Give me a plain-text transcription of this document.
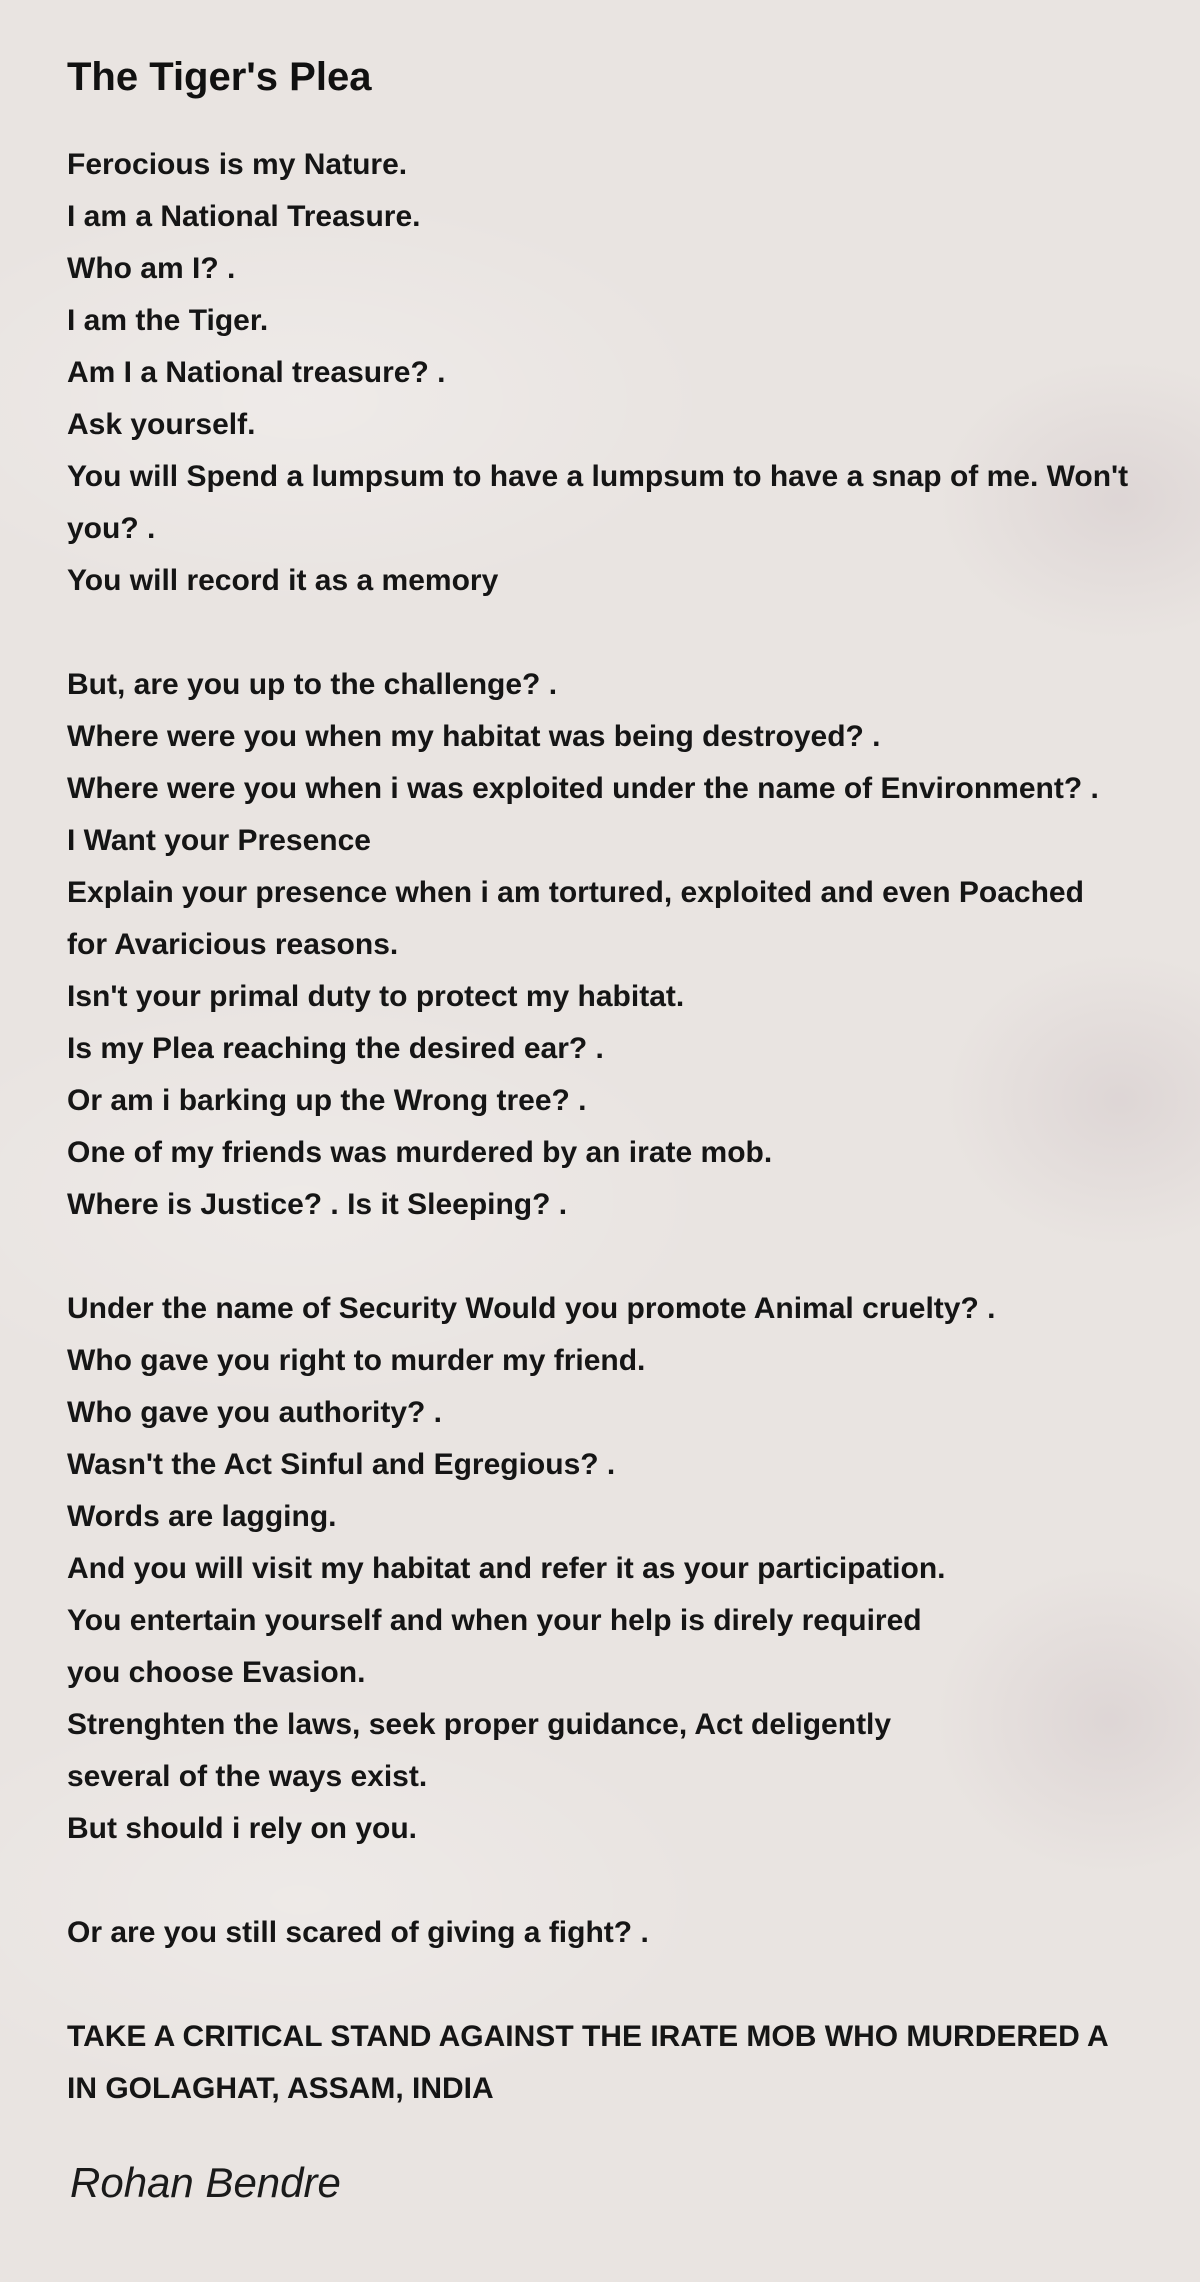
The Tiger's Plea
Ferocious is my Nature.
I am a National Treasure.
Who am I? .
I am the Tiger.
Am I a National treasure? .
Ask yourself.
You will Spend a lumpsum to have a lumpsum to have a snap of me. Won't
you? .
You will record it as a memory
But, are you up to the challenge? .
Where were you when my habitat was being destroyed? .
Where were you when i was exploited under the name of Environment? .
I Want your Presence
Explain your presence when i am tortured, exploited and even Poached
for Avaricious reasons.
Isn't your primal duty to protect my habitat.
Is my Plea reaching the desired ear? .
Or am i barking up the Wrong tree? .
One of my friends was murdered by an irate mob.
Where is Justice? . Is it Sleeping? .
Under the name of Security Would you promote Animal cruelty? .
Who gave you right to murder my friend.
Who gave you authority? .
Wasn't the Act Sinful and Egregious? .
Words are lagging.
And you will visit my habitat and refer it as your participation.
You entertain yourself and when your help is direly required
you choose Evasion.
Strenghten the laws, seek proper guidance, Act deligently
several of the ways exist.
But should i rely on you.
Or are you still scared of giving a fight? .
TAKE A CRITICAL STAND AGAINST THE IRATE MOB WHO MURDERED A
IN GOLAGHAT, ASSAM, INDIA
Rohan Bendre
